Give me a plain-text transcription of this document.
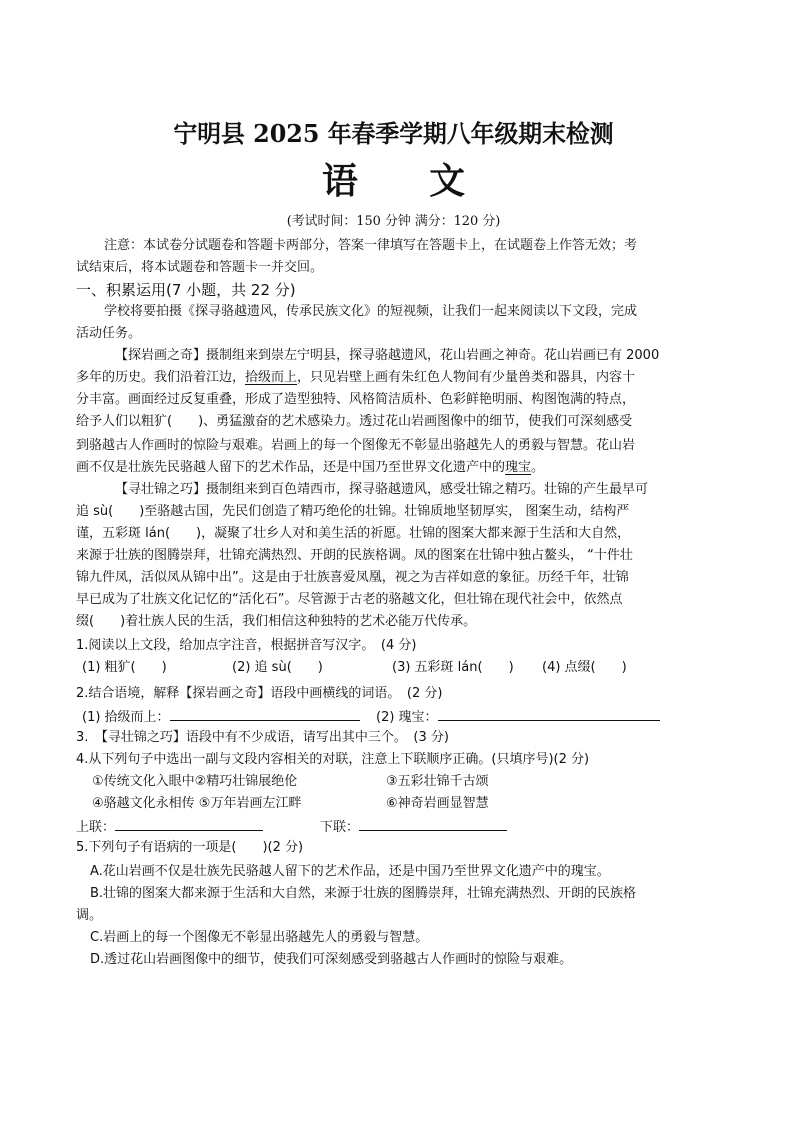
宁明县 2025 年春季学期八年级期末检测
语　　文
(考试时间：150 分钟 满分：120 分)
注意：本试卷分试题卷和答题卡两部分，答案一律填写在答题卡上，在试题卷上作答无效；考
试结束后，将本试题卷和答题卡一并交回。
一、积累运用(7 小题，共 22 分)
学校将要拍摄《探寻骆越遗风，传承民族文化》的短视频，让我们一起来阅读以下文段，完成
活动任务。
【探岩画之奇】摄制组来到崇左宁明县，探寻骆越遗风，花山岩画之神奇。花山岩画已有 2000
多年的历史。我们沿着江边，拾级而上，只见岩壁上画有朱红色人物间有少量兽类和器具，内容十
分丰富。画面经过反复重叠，形成了造型独特、风格简洁质朴、色彩鲜艳明丽、构图饱满的特点，
给予人们以粗犷(　　)、勇猛激奋的艺术感染力。透过花山岩画图像中的细节，使我们可深刻感受
到骆越古人作画时的惊险与艰难。岩画上的每一个图像无不彰显出骆越先人的勇毅与智慧。花山岩
画不仅是壮族先民骆越人留下的艺术作品，还是中国乃至世界文化遗产中的瑰宝。
【寻壮锦之巧】摄制组来到百色靖西市，探寻骆越遗风，感受壮锦之精巧。壮锦的产生最早可
追 sù(　　)至骆越古国，先民们创造了精巧绝伦的壮锦。壮锦质地坚韧厚实， 图案生动，结构严
谨，五彩斑 lán(　　)，凝聚了壮乡人对和美生活的祈愿。壮锦的图案大都来源于生活和大自然，
来源于壮族的图腾崇拜，壮锦充满热烈、开朗的民族格调。凤的图案在壮锦中独占鳌头， “十件壮
锦九件凤，活似凤从锦中出”。这是由于壮族喜爱凤凰，视之为吉祥如意的象征。历经千年，壮锦
早已成为了壮族文化记忆的“活化石”。尽管源于古老的骆越文化，但壮锦在现代社会中，依然点
缀(　　)着壮族人民的生活，我们相信这种独特的艺术必能万代传承。
1.阅读以上文段，给加点字注音，根据拼音写汉字。　(4 分)
(1) 粗犷(　　)	(2) 追 sù(　　)	(3) 五彩斑 lán(　　) (4) 点缀(　　)
2.结合语境，解释【探岩画之奇】语段中画横线的词语。　(2 分)
(1) 拾级而上：	(2) 瑰宝：
3.　【寻壮锦之巧】语段中有不少成语，请写出其中三个。　(3 分)
4.从下列句子中选出一副与文段内容相关的对联，注意上下联顺序正确。(只填序号)(2 分)
①传统文化入眼中②精巧壮锦展绝伦	③五彩壮锦千古颂
④骆越文化永相传 ⑤万年岩画左江畔	⑥神奇岩画显智慧
上联：	下联：
5.下列句子有语病的一项是(　　)(2 分)
A.花山岩画不仅是壮族先民骆越人留下的艺术作品，还是中国乃至世界文化遗产中的瑰宝。
B.壮锦的图案大都来源于生活和大自然，来源于壮族的图腾崇拜，壮锦充满热烈、开朗的民族格
调。
C.岩画上的每一个图像无不彰显出骆越先人的勇毅与智慧。
D.透过花山岩画图像中的细节，使我们可深刻感受到骆越古人作画时的惊险与艰难。
